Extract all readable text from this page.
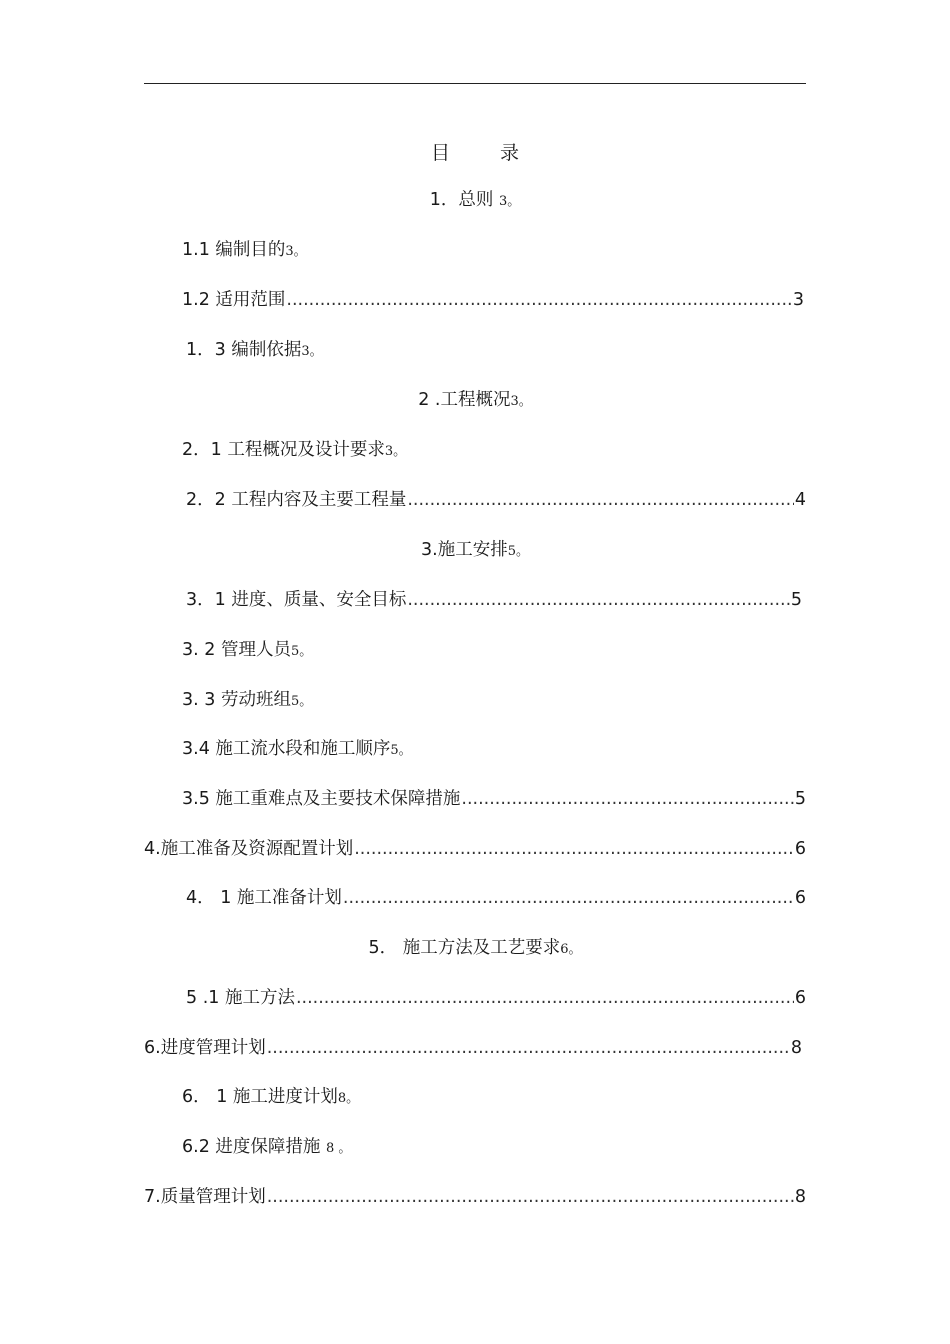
目 录
1．总则 3。
1.1 编制目的3。
1.2 适用范围 .....	3
1．3 编制依据3。
2 .工程概况3。
2．1 工程概况及设计要求3。
2．2 工程内容及主要工程量 .....	4
3.施工安排5。
3．1 进度、质量、安全目标 .....	5
3. 2 管理人员5。
3. 3 劳动班组5。
3.4 施工流水段和施工顺序5。
3.5 施工重难点及主要技术保障措施 .....	5
4.施工准备及资源配置计划 .....	6
4． 1 施工准备计划 .....	6
5． 施工方法及工艺要求6。
5 .1 施工方法 .....	6
6.进度管理计划 .....	8
6． 1 施工进度计划8。
6.2 进度保障措施 8 。
7.质量管理计划 .....	8
